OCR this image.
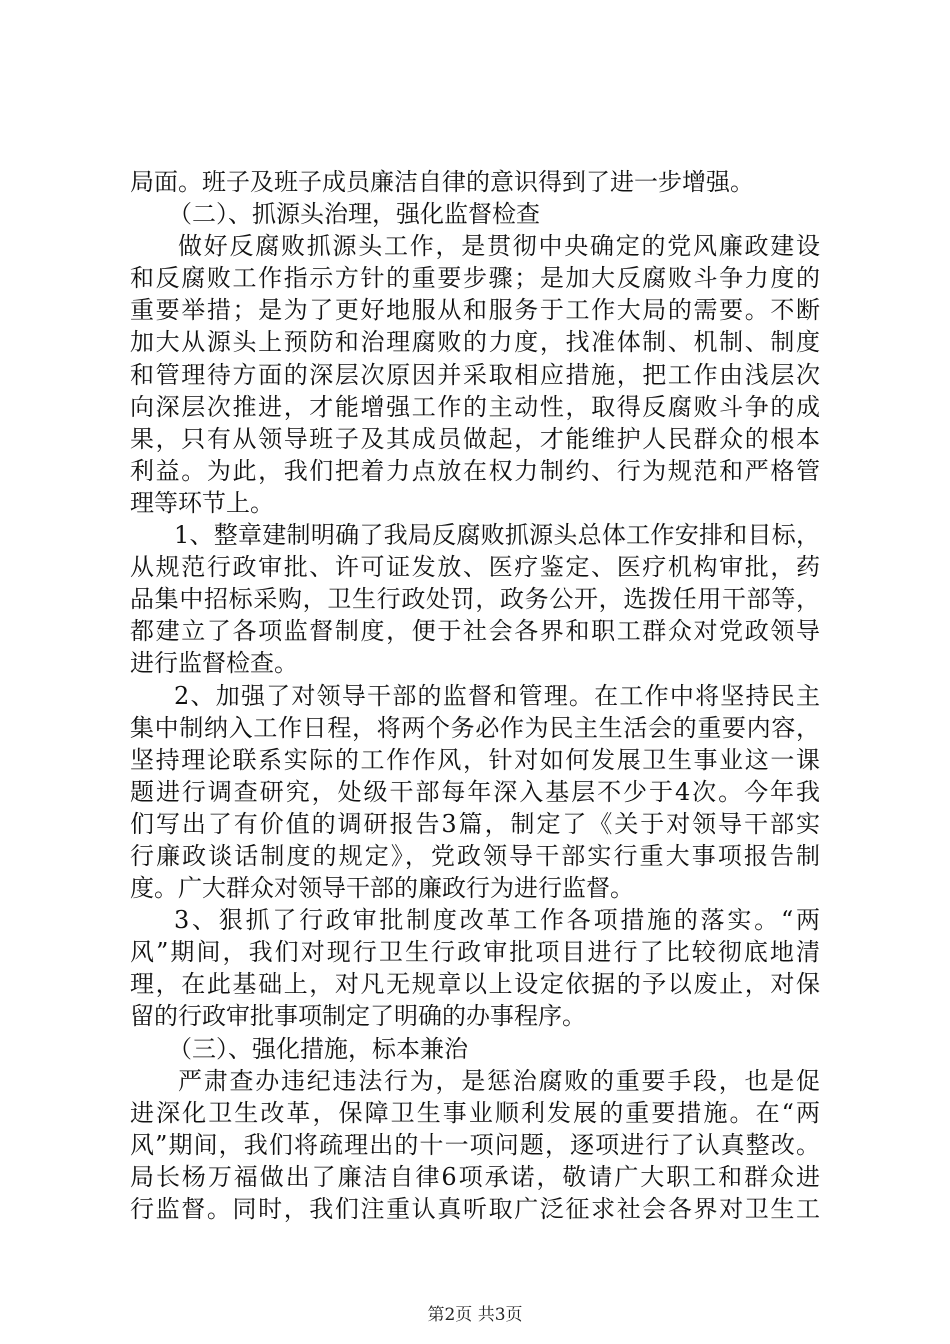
局面。班子及班子成员廉洁自律的意识得到了进一步增强。
（二）、抓源头治理，强化监督检查
做好反腐败抓源头工作，是贯彻中央确定的党风廉政建设
和反腐败工作指示方针的重要步骤；是加大反腐败斗争力度的
重要举措；是为了更好地服从和服务于工作大局的需要。不断
加大从源头上预防和治理腐败的力度，找准体制、机制、制度
和管理待方面的深层次原因并采取相应措施，把工作由浅层次
向深层次推进，才能增强工作的主动性，取得反腐败斗争的成
果，只有从领导班子及其成员做起，才能维护人民群众的根本
利益。为此，我们把着力点放在权力制约、行为规范和严格管
理等环节上。
1、整章建制明确了我局反腐败抓源头总体工作安排和目标，
从规范行政审批、许可证发放、医疗鉴定、医疗机构审批，药
品集中招标采购，卫生行政处罚，政务公开，选拨任用干部等，
都建立了各项监督制度，便于社会各界和职工群众对党政领导
进行监督检查。
2、加强了对领导干部的监督和管理。在工作中将坚持民主
集中制纳入工作日程，将两个务必作为民主生活会的重要内容，
坚持理论联系实际的工作作风，针对如何发展卫生事业这一课
题进行调查研究，处级干部每年深入基层不少于4次。今年我
们写出了有价值的调研报告3篇，制定了《关于对领导干部实
行廉政谈话制度的规定》，党政领导干部实行重大事项报告制
度。广大群众对领导干部的廉政行为进行监督。
3、狠抓了行政审批制度改革工作各项措施的落实。“两
风”期间，我们对现行卫生行政审批项目进行了比较彻底地清
理，在此基础上，对凡无规章以上设定依据的予以废止，对保
留的行政审批事项制定了明确的办事程序。
（三）、强化措施，标本兼治
严肃查办违纪违法行为，是惩治腐败的重要手段，也是促
进深化卫生改革，保障卫生事业顺利发展的重要措施。在“两
风”期间，我们将疏理出的十一项问题，逐项进行了认真整改。
局长杨万福做出了廉洁自律6项承诺，敬请广大职工和群众进
行监督。同时，我们注重认真听取广泛征求社会各界对卫生工
第2页 共3页
